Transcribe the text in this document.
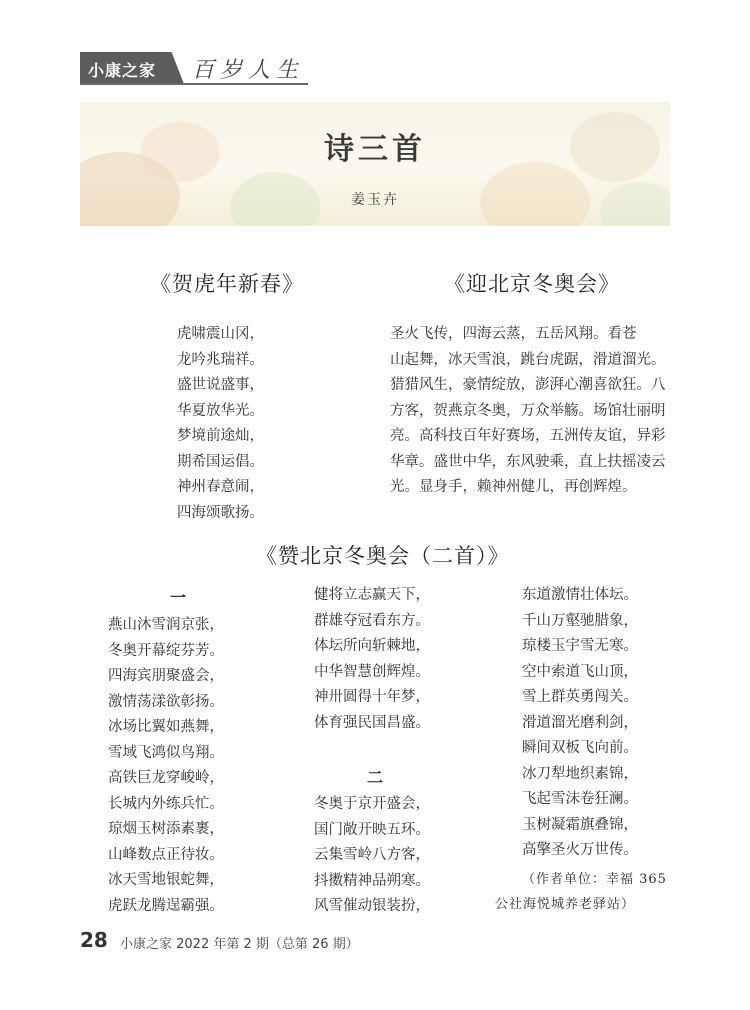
小康之家 百岁人生
诗三首
姜玉卉
《贺虎年新春》
虎啸震山冈，
龙吟兆瑞祥。
盛世说盛事，
华夏放华光。
梦境前途灿，
期希国运倡。
神州春意闹，
四海颂歌扬。
《迎北京冬奥会》
圣火飞传，四海云蒸，五岳风翔。看苍
山起舞，冰天雪浪，跳台虎踞，滑道溜光。
猎猎风生，豪情绽放，澎湃心潮喜欲狂。八
方客，贺燕京冬奥，万众举觞。场馆壮丽明
亮。高科技百年好赛场，五洲传友谊，异彩
华章。盛世中华，东风驶乘，直上扶摇凌云
光。显身手，赖神州健儿，再创辉煌。
《赞北京冬奥会（二首）》
一
二
燕山沐雪润京张，
冬奥开幕绽芬芳。
四海宾朋聚盛会，
激情荡漾欲彰扬。
冰场比翼如燕舞，
雪域飞鸿似鸟翔。
高铁巨龙穿峻岭，
长城内外练兵忙。
琼烟玉树添素裹，
山峰数点正待妆。
冰天雪地银蛇舞，
虎跃龙腾逞霸强。
健将立志赢天下，
群雄夺冠看东方。
体坛所向斩棘地，
中华智慧创辉煌。
神卅圆得十年梦，
体育强民国昌盛。
冬奥于京开盛会，
国门敞开映五环。
云集雪岭八方客，
抖擞精神品朔寒。
风雪催动银装扮，
东道激情壮体坛。
千山万壑驰腊象，
琼楼玉宇雪无寒。
空中索道飞山顶，
雪上群英勇闯关。
滑道溜光磨利剑，
瞬间双板飞向前。
冰刀犁地织素锦，
飞起雪沫卷狂澜。
玉树凝霜旗叠锦，
高擎圣火万世传。
（作者单位：幸福 365
公社海悦城养老驿站）
28 小康之家 2022 年第 2 期（总第 26 期）
